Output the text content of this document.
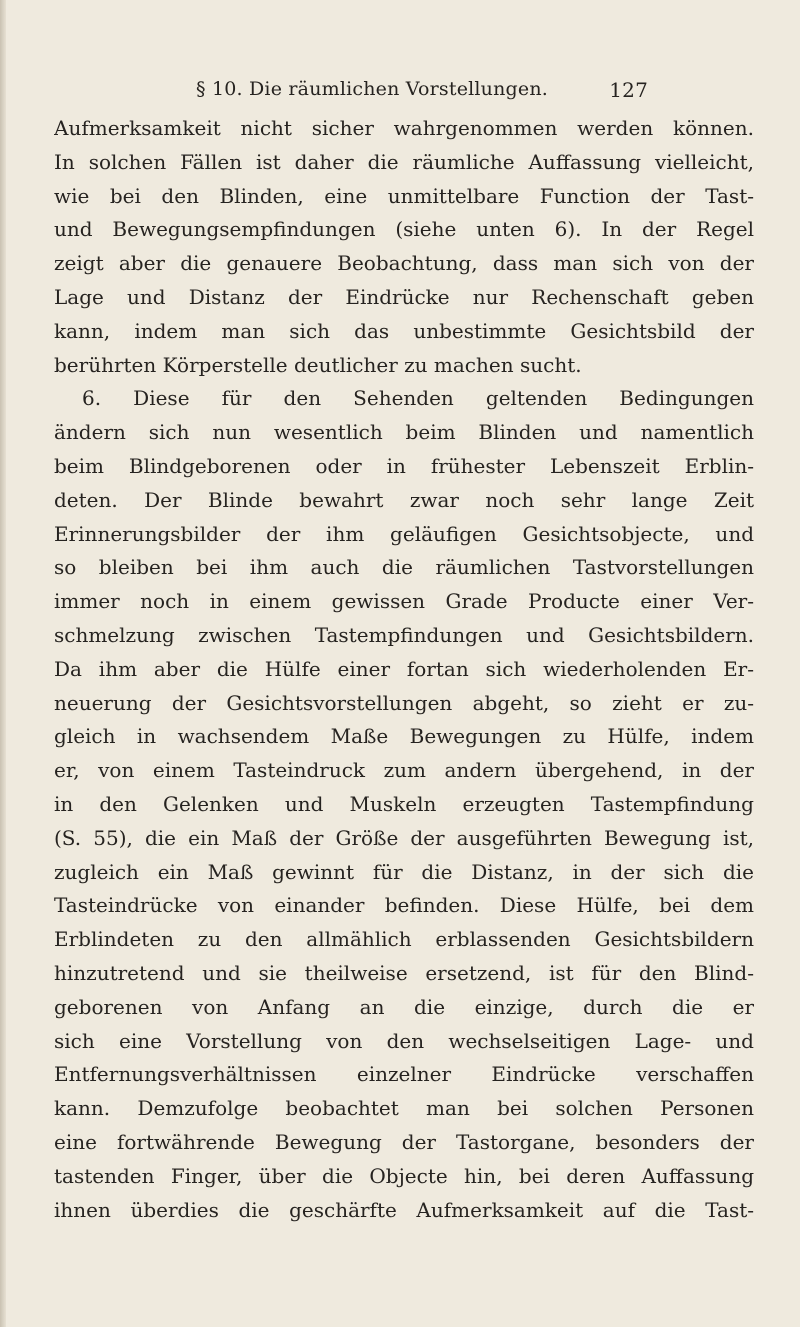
§ 10. Die räumlichen Vorstellungen.	127
Aufmerksamkeit nicht sicher wahrgenommen werden können.
In solchen Fällen ist daher die räumliche Auffassung vielleicht,
wie bei den Blinden, eine unmittelbare Function der Tast-
und Bewegungsempfindungen (siehe unten 6). In der Regel
zeigt aber die genauere Beobachtung, dass man sich von der
Lage und Distanz der Eindrücke nur Rechenschaft geben
kann, indem man sich das unbestimmte Gesichtsbild der
berührten Körperstelle deutlicher zu machen sucht.
6. Diese für den Sehenden geltenden Bedingungen
ändern sich nun wesentlich beim Blinden und namentlich
beim Blindgeborenen oder in frühester Lebenszeit Erblin-
deten. Der Blinde bewahrt zwar noch sehr lange Zeit
Erinnerungsbilder der ihm geläufigen Gesichtsobjecte, und
so bleiben bei ihm auch die räumlichen Tastvorstellungen
immer noch in einem gewissen Grade Producte einer Ver-
schmelzung zwischen Tastempfindungen und Gesichtsbildern.
Da ihm aber die Hülfe einer fortan sich wiederholenden Er-
neuerung der Gesichtsvorstellungen abgeht, so zieht er zu-
gleich in wachsendem Maße Bewegungen zu Hülfe, indem
er, von einem Tasteindruck zum andern übergehend, in der
in den Gelenken und Muskeln erzeugten Tastempfindung
(S. 55), die ein Maß der Größe der ausgeführten Bewegung ist,
zugleich ein Maß gewinnt für die Distanz, in der sich die
Tasteindrücke von einander befinden. Diese Hülfe, bei dem
Erblindeten zu den allmählich erblassenden Gesichtsbildern
hinzutretend und sie theilweise ersetzend, ist für den Blind-
geborenen von Anfang an die einzige, durch die er
sich eine Vorstellung von den wechselseitigen Lage- und
Entfernungsverhältnissen einzelner Eindrücke verschaffen
kann. Demzufolge beobachtet man bei solchen Personen
eine fortwährende Bewegung der Tastorgane, besonders der
tastenden Finger, über die Objecte hin, bei deren Auffassung
ihnen überdies die geschärfte Aufmerksamkeit auf die Tast-
